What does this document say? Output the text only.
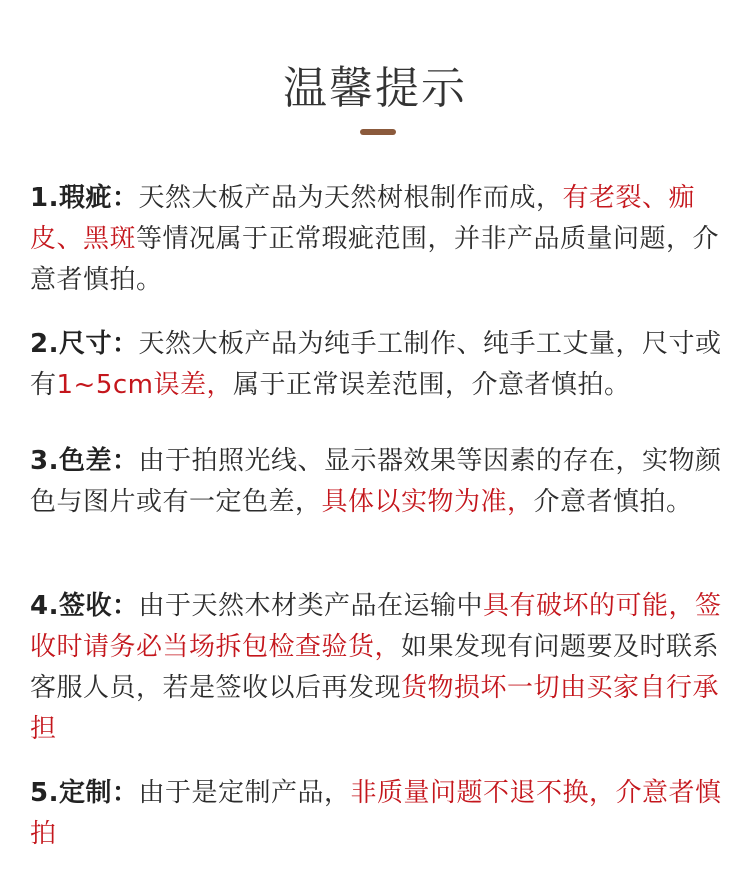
温馨提示
1.瑕疵：天然大板产品为天然树根制作而成，有老裂、痂皮、黑斑等情况属于正常瑕疵范围，并非产品质量问题，介意者慎拍。
2.尺寸：天然大板产品为纯手工制作、纯手工丈量，尺寸或有1~5cm误差，属于正常误差范围，介意者慎拍。
3.色差：由于拍照光线、显示器效果等因素的存在，实物颜色与图片或有一定色差，具体以实物为准，介意者慎拍。
4.签收：由于天然木材类产品在运输中具有破坏的可能，签收时请务必当场拆包检查验货，如果发现有问题要及时联系客服人员，若是签收以后再发现货物损坏一切由买家自行承担
5.定制：由于是定制产品，非质量问题不退不换，介意者慎拍
